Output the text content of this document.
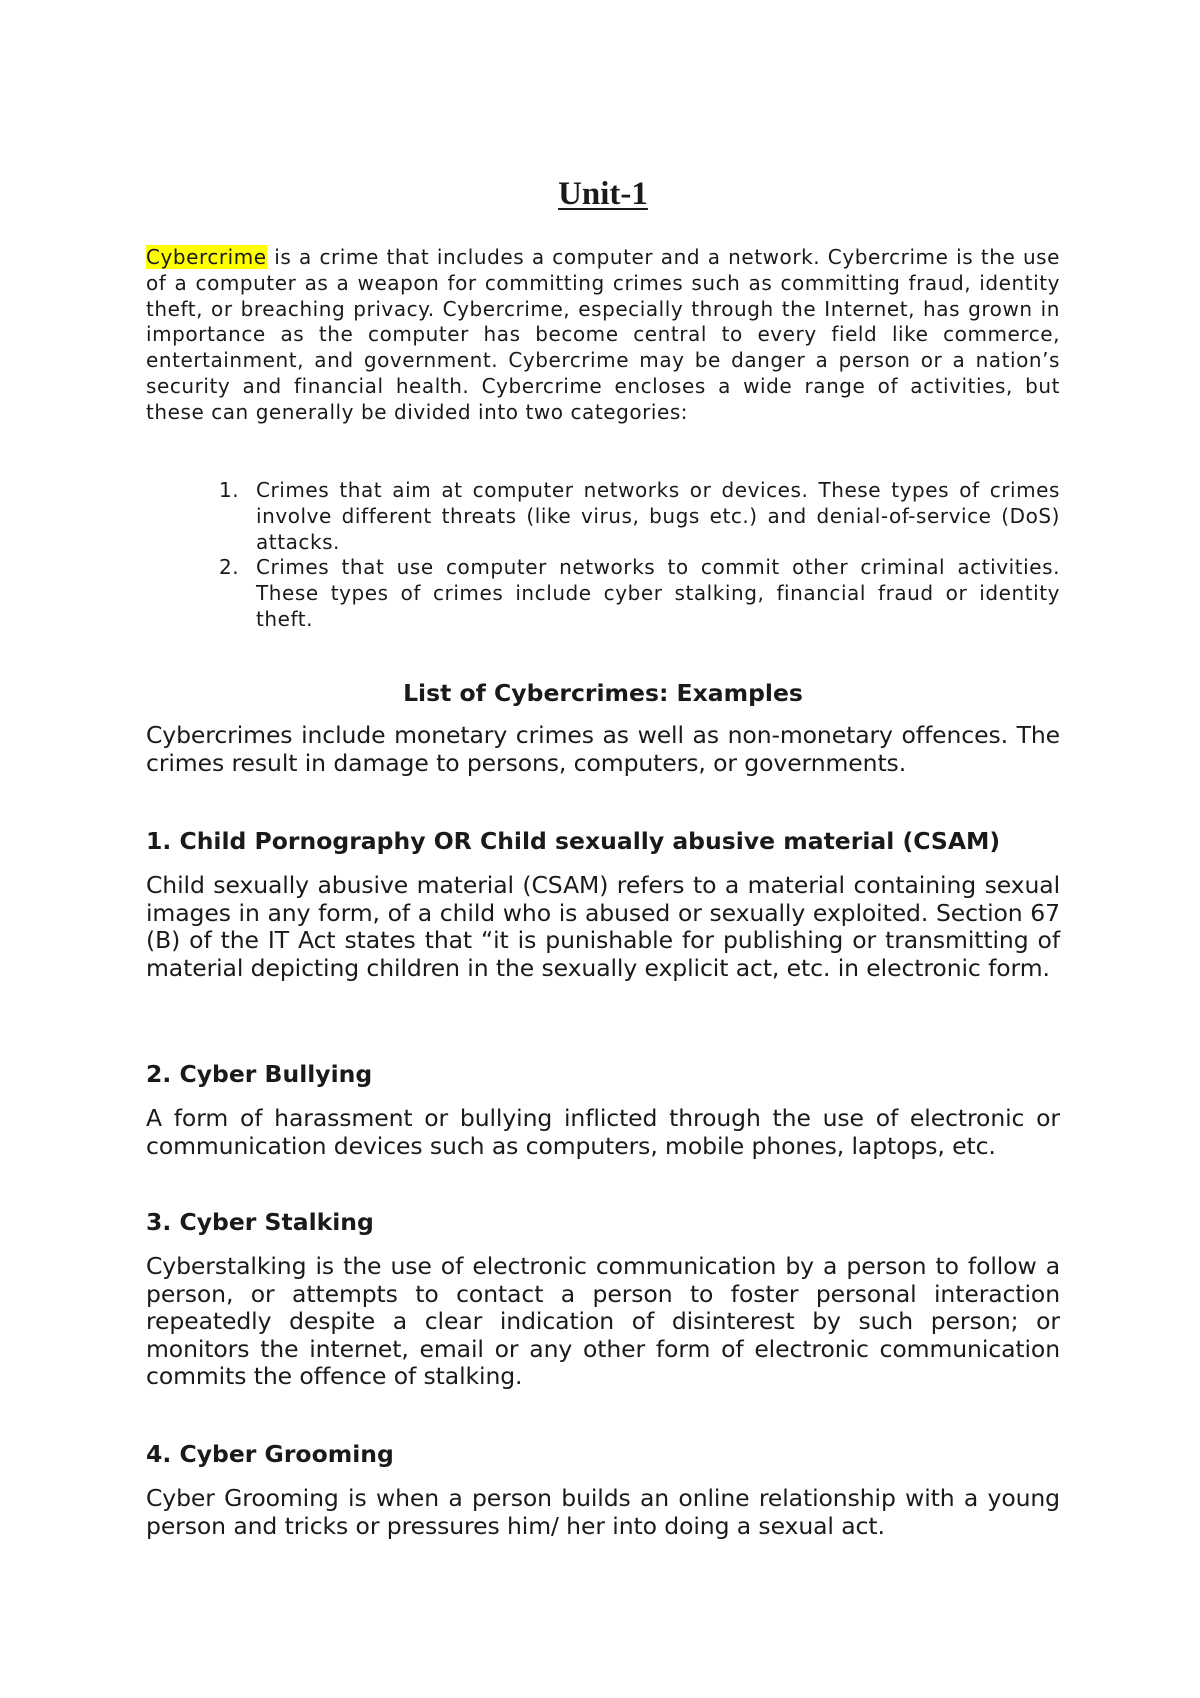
Unit-1

Cybercrime is a crime that includes a computer and a network. Cybercrime is the use of a computer as a weapon for committing crimes such as committing fraud, identity theft, or breaching privacy. Cybercrime, especially through the Internet, has grown in importance as the computer has become central to every field like commerce, entertainment, and government. Cybercrime may be danger a person or a nation’s security and financial health. Cybercrime encloses a wide range of activities, but these can generally be divided into two categories:

1. Crimes that aim at computer networks or devices. These types of crimes involve different threats (like virus, bugs etc.) and denial-of-service (DoS) attacks.
2. Crimes that use computer networks to commit other criminal activities. These types of crimes include cyber stalking, financial fraud or identity theft.
List of Cybercrimes: Examples

Cybercrimes include monetary crimes as well as non-monetary offences. The crimes result in damage to persons, computers, or governments.

1. Child Pornography OR Child sexually abusive material (CSAM)

Child sexually abusive material (CSAM) refers to a material containing sexual images in any form, of a child who is abused or sexually exploited. Section 67 (B) of the IT Act states that “it is punishable for publishing or transmitting of material depicting children in the sexually explicit act, etc. in electronic form.

2. Cyber Bullying

A form of harassment or bullying inflicted through the use of electronic or communication devices such as computers, mobile phones, laptops, etc.

3. Cyber Stalking

Cyberstalking is the use of electronic communication by a person to follow a person, or attempts to contact a person to foster personal interaction repeatedly despite a clear indication of disinterest by such person; or monitors the internet, email or any other form of electronic communication commits the offence of stalking.

4. Cyber Grooming

Cyber Grooming is when a person builds an online relationship with a young person and tricks or pressures him/ her into doing a sexual act.
